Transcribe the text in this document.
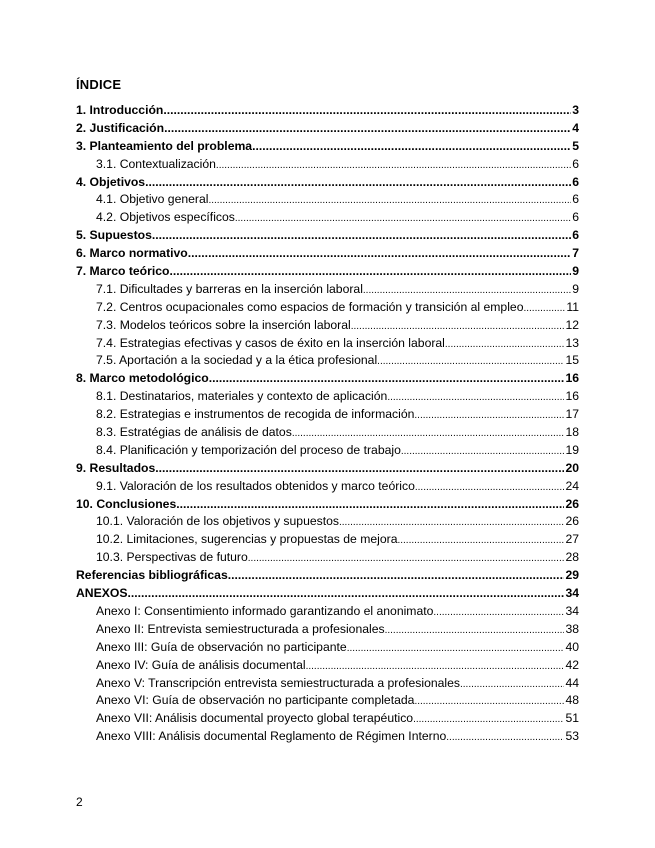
ÍNDICE
1. Introducción .....	3
2. Justificación .....	4
3. Planteamiento del problema. .....	5
3.1. Contextualización .....	6
4. Objetivos .....	6
4.1. Objetivo general .....	6
4.2. Objetivos específicos .....	6
5. Supuestos .....	6
6. Marco normativo .....	7
7. Marco teórico .....	9
7.1. Dificultades y barreras en la inserción laboral .....	9
7.2. Centros ocupacionales como espacios de formación y transición al empleo .....	11
7.3. Modelos teóricos sobre la inserción laboral .....	12
7.4. Estrategias efectivas y casos de éxito en la inserción laboral .....	13
7.5. Aportación a la sociedad y a la ética profesional .....	15
8. Marco metodológico .....	16
8.1. Destinatarios, materiales y contexto de aplicación .....	16
8.2. Estrategias e instrumentos de recogida de información .....	17
8.3. Estratégias de análisis de datos .....	18
8.4. Planificación y temporización del proceso de trabajo .....	19
9. Resultados .....	20
9.1. Valoración de los resultados obtenidos y marco teórico .....	24
10. Conclusiones .....	26
10.1. Valoración de los objetivos y supuestos .....	26
10.2. Limitaciones, sugerencias y propuestas de mejora .....	27
10.3. Perspectivas de futuro .....	28
Referencias bibliográficas .....	29
ANEXOS .....	34
Anexo I: Consentimiento informado garantizando el anonimato .....	34
Anexo II: Entrevista semiestructurada a profesionales .....	38
Anexo III: Guía de observación no participante .....	40
Anexo IV: Guía de análisis documental .....	42
Anexo V: Transcripción entrevista semiestructurada a profesionales .....	44
Anexo VI: Guía de observación no participante completada .....	48
Anexo VII: Análisis documental proyecto global terapéutico .....	51
Anexo VIII: Análisis documental Reglamento de Régimen Interno .....	53
2
